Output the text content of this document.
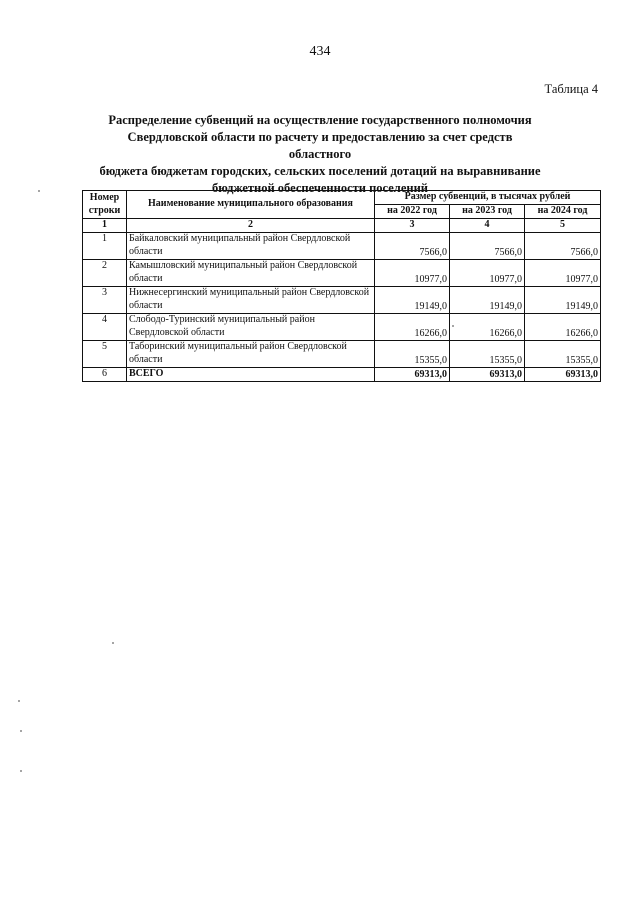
434
Таблица 4
Распределение субвенций на осуществление государственного полномочия
Свердловской области по расчету и предоставлению за счет средств областного
бюджета бюджетам городских, сельских поселений дотаций на выравнивание
бюджетной обеспеченности поселений
Номер
строки	Наименование муниципального образования	Размер субвенций, в тысячах рублей		
		на 2022 год	на 2023 год	на 2024 год
1	2	3	4	5
1	Байкаловский муниципальный район Свердловской области	7566,0	7566,0	7566,0
2	Камышловский муниципальный район Свердловской области	10977,0	10977,0	10977,0
3	Нижнесергинский муниципальный район Свердловской области	19149,0	19149,0	19149,0
4	Слободо-Туринский муниципальный район Свердловской области	16266,0	16266,0	16266,0
5	Таборинский муниципальный район Свердловской области	15355,0	15355,0	15355,0
6	ВСЕГО	69313,0	69313,0	69313,0
